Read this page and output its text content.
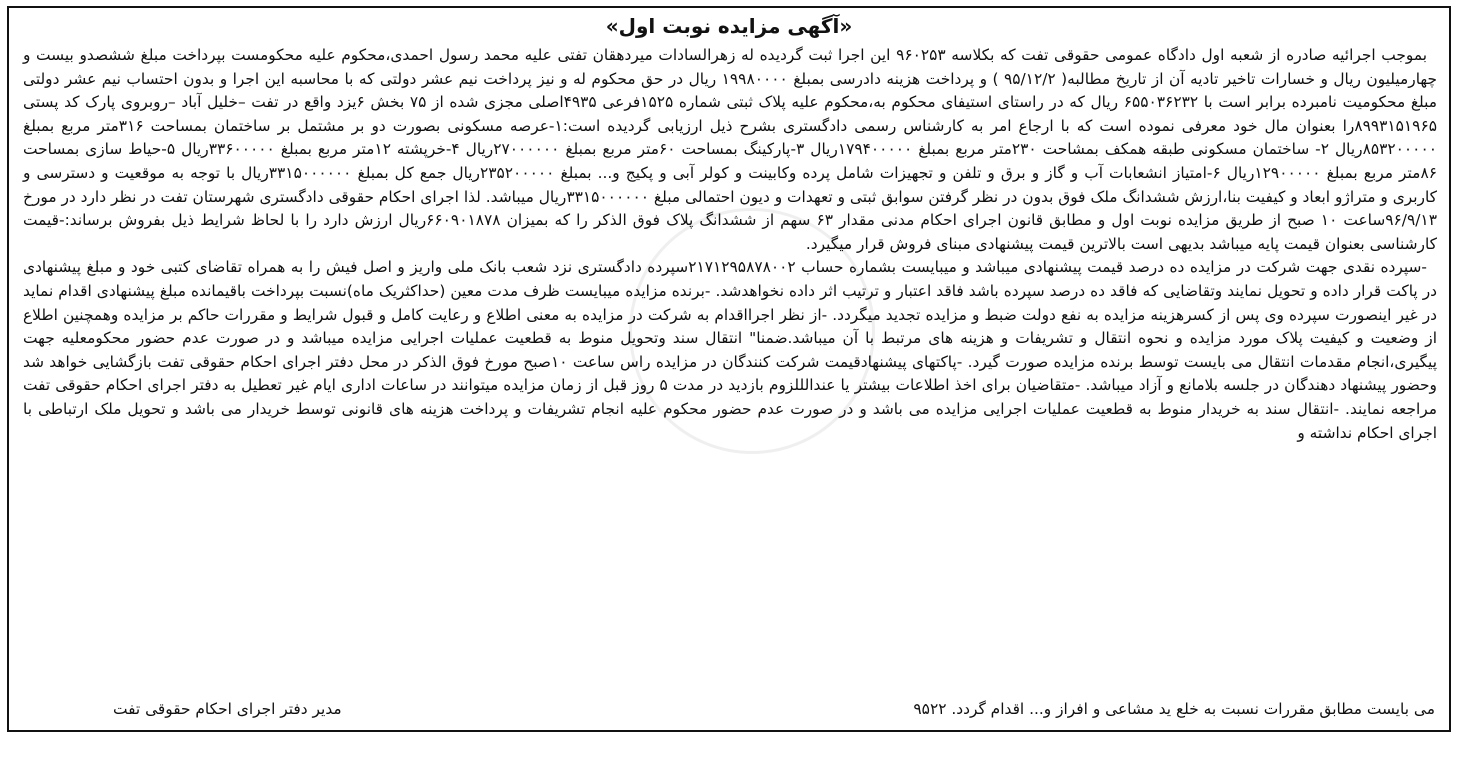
«آگهی مزایده نوبت اول»

بموجب اجرائیه صادره از شعبه اول دادگاه عمومی حقوقی تفت که بکلاسه ۹۶۰۲۵۳ این اجرا ثبت گردیده له زهرالسادات میردهقان تفتی علیه محمد رسول احمدی،محکوم علیه محکومست بپرداخت مبلغ ششصدو بیست و چهارمیلیون ریال و خسارات تاخیر تادیه آن از تاریخ مطالبه( ۹۵/۱۲/۲ ) و پرداخت هزینه دادرسی بمبلغ ۱۹۹۸۰۰۰۰ ریال در حق محکوم له و نیز پرداخت نیم عشر دولتی که با محاسبه این اجرا و بدون احتساب نیم عشر دولتی مبلغ محکومیت نامبرده برابر است با ۶۵۵۰۳۶۲۳۲ ریال که در راستای استیفای محکوم به،محکوم علیه پلاک ثبتی شماره ۱۵۲۵فرعی ۴۹۳۵اصلی مجزی شده از ۷۵ بخش ۶یزد واقع در تفت –خلیل آباد –روبروی پارک کد پستی ۸۹۹۳۱۵۱۹۶۵را بعنوان مال خود معرفی نموده است که با ارجاع امر به کارشناس رسمی دادگستری بشرح ذیل ارزیابی گردیده است:۱-عرصه مسکونی بصورت دو بر مشتمل بر ساختمان بمساحت ۳۱۶متر مربع بمبلغ ۸۵۳۲۰۰۰۰۰ریال ۲- ساختمان مسکونی طبقه همکف بمشاحت ۲۳۰متر مربع بمبلغ ۱۷۹۴۰۰۰۰۰ریال ۳-پارکینگ بمساحت ۶۰متر مربع بمبلغ ۲۷۰۰۰۰۰۰ریال ۴-خرپشته ۱۲متر مربع بمبلغ ۳۳۶۰۰۰۰۰ریال ۵-حیاط سازی بمساحت ۸۶متر مربع بمبلغ ۱۲۹۰۰۰۰۰ریال ۶-امتیاز انشعابات آب و گاز و برق و تلفن و تجهیزات شامل پرده وکابینت و کولر آبی و پکیج و... بمبلغ ۲۳۵۲۰۰۰۰۰ریال جمع کل بمبلغ ۳۳۱۵۰۰۰۰۰۰ریال با توجه به موقعیت و دسترسی و کاربری و متراژو ابعاد و کیفیت بنا،ارزش ششدانگ ملک فوق بدون در نظر گرفتن سوابق ثبتی و تعهدات و دیون احتمالی مبلغ ۳۳۱۵۰۰۰۰۰۰ریال میباشد. لذا اجرای احکام حقوقی دادگستری شهرستان تفت در نظر دارد در مورخ ۹۶/۹/۱۳ساعت ۱۰ صبح از طریق مزایده نوبت اول و مطابق قانون اجرای احکام مدنی مقدار ۶۳ سهم از ششدانگ پلاک فوق الذکر را که بمیزان ۶۶۰۹۰۱۸۷۸ریال ارزش دارد را با لحاظ شرایط ذیل بفروش برساند:-قیمت کارشناسی بعنوان قیمت پایه میباشد بدیهی است بالاترین قیمت پیشنهادی مبنای فروش قرار میگیرد.

-سپرده نقدی جهت شرکت در مزایده ده درصد قیمت پیشنهادی میباشد و میبایست بشماره حساب ۲۱۷۱۲۹۵۸۷۸۰۰۲سپرده دادگستری نزد شعب بانک ملی واریز و اصل فیش را به همراه تقاضای کتبی خود و مبلغ پیشنهادی در پاکت قرار داده و تحویل نمایند وتقاضایی که فاقد ده درصد سپرده باشد فاقد اعتبار و ترتیب اثر داده نخواهدشد. -برنده مزایده میبایست ظرف مدت معین (حداکثریک ماه)نسبت بپرداخت باقیمانده مبلغ پیشنهادی اقدام نماید در غیر اینصورت سپرده وی پس از کسرهزینه مزایده به نفع دولت ضبط و مزایده تجدید میگردد. -از نظر اجرااقدام به شرکت در مزایده به معنی اطلاع و رعایت کامل و قبول شرایط و مقررات حاکم بر مزایده وهمچنین اطلاع از وضعیت و کیفیت پلاک مورد مزایده و نحوه انتقال و تشریفات و هزینه های مرتبط با آن میباشد.ضمنا" انتقال سند وتحویل منوط به قطعیت عملیات اجرایی مزایده میباشد و در صورت عدم حضور محکومعلیه جهت پیگیری،انجام مقدمات انتقال می بایست توسط برنده مزایده صورت گیرد. -پاکتهای پیشنهادقیمت شرکت کنندگان در مزایده راس ساعت ۱۰صبح مورخ فوق الذکر در محل دفتر اجرای احکام حقوقی تفت بازگشایی خواهد شد وحضور پیشنهاد دهندگان در جلسه بلامانع و آزاد میباشد. -متقاضیان برای اخذ اطلاعات بیشتر یا عندالللزوم بازدید در مدت ۵ روز قبل از زمان مزایده میتوانند در ساعات اداری ایام غیر تعطیل به دفتر اجرای احکام حقوقی تفت مراجعه نمایند. -انتقال سند به خریدار منوط به قطعیت عملیات اجرایی مزایده می باشد و در صورت عدم حضور محکوم علیه انجام تشریفات و پرداخت هزینه های قانونی توسط خریدار می باشد و تحویل ملک ارتباطی با اجرای احکام نداشته و

می بایست مطابق مقررات نسبت به خلع ید مشاعی و افراز و... اقدام گردد. ۹۵۲۲
مدیر دفتر اجرای احکام حقوقی تفت
